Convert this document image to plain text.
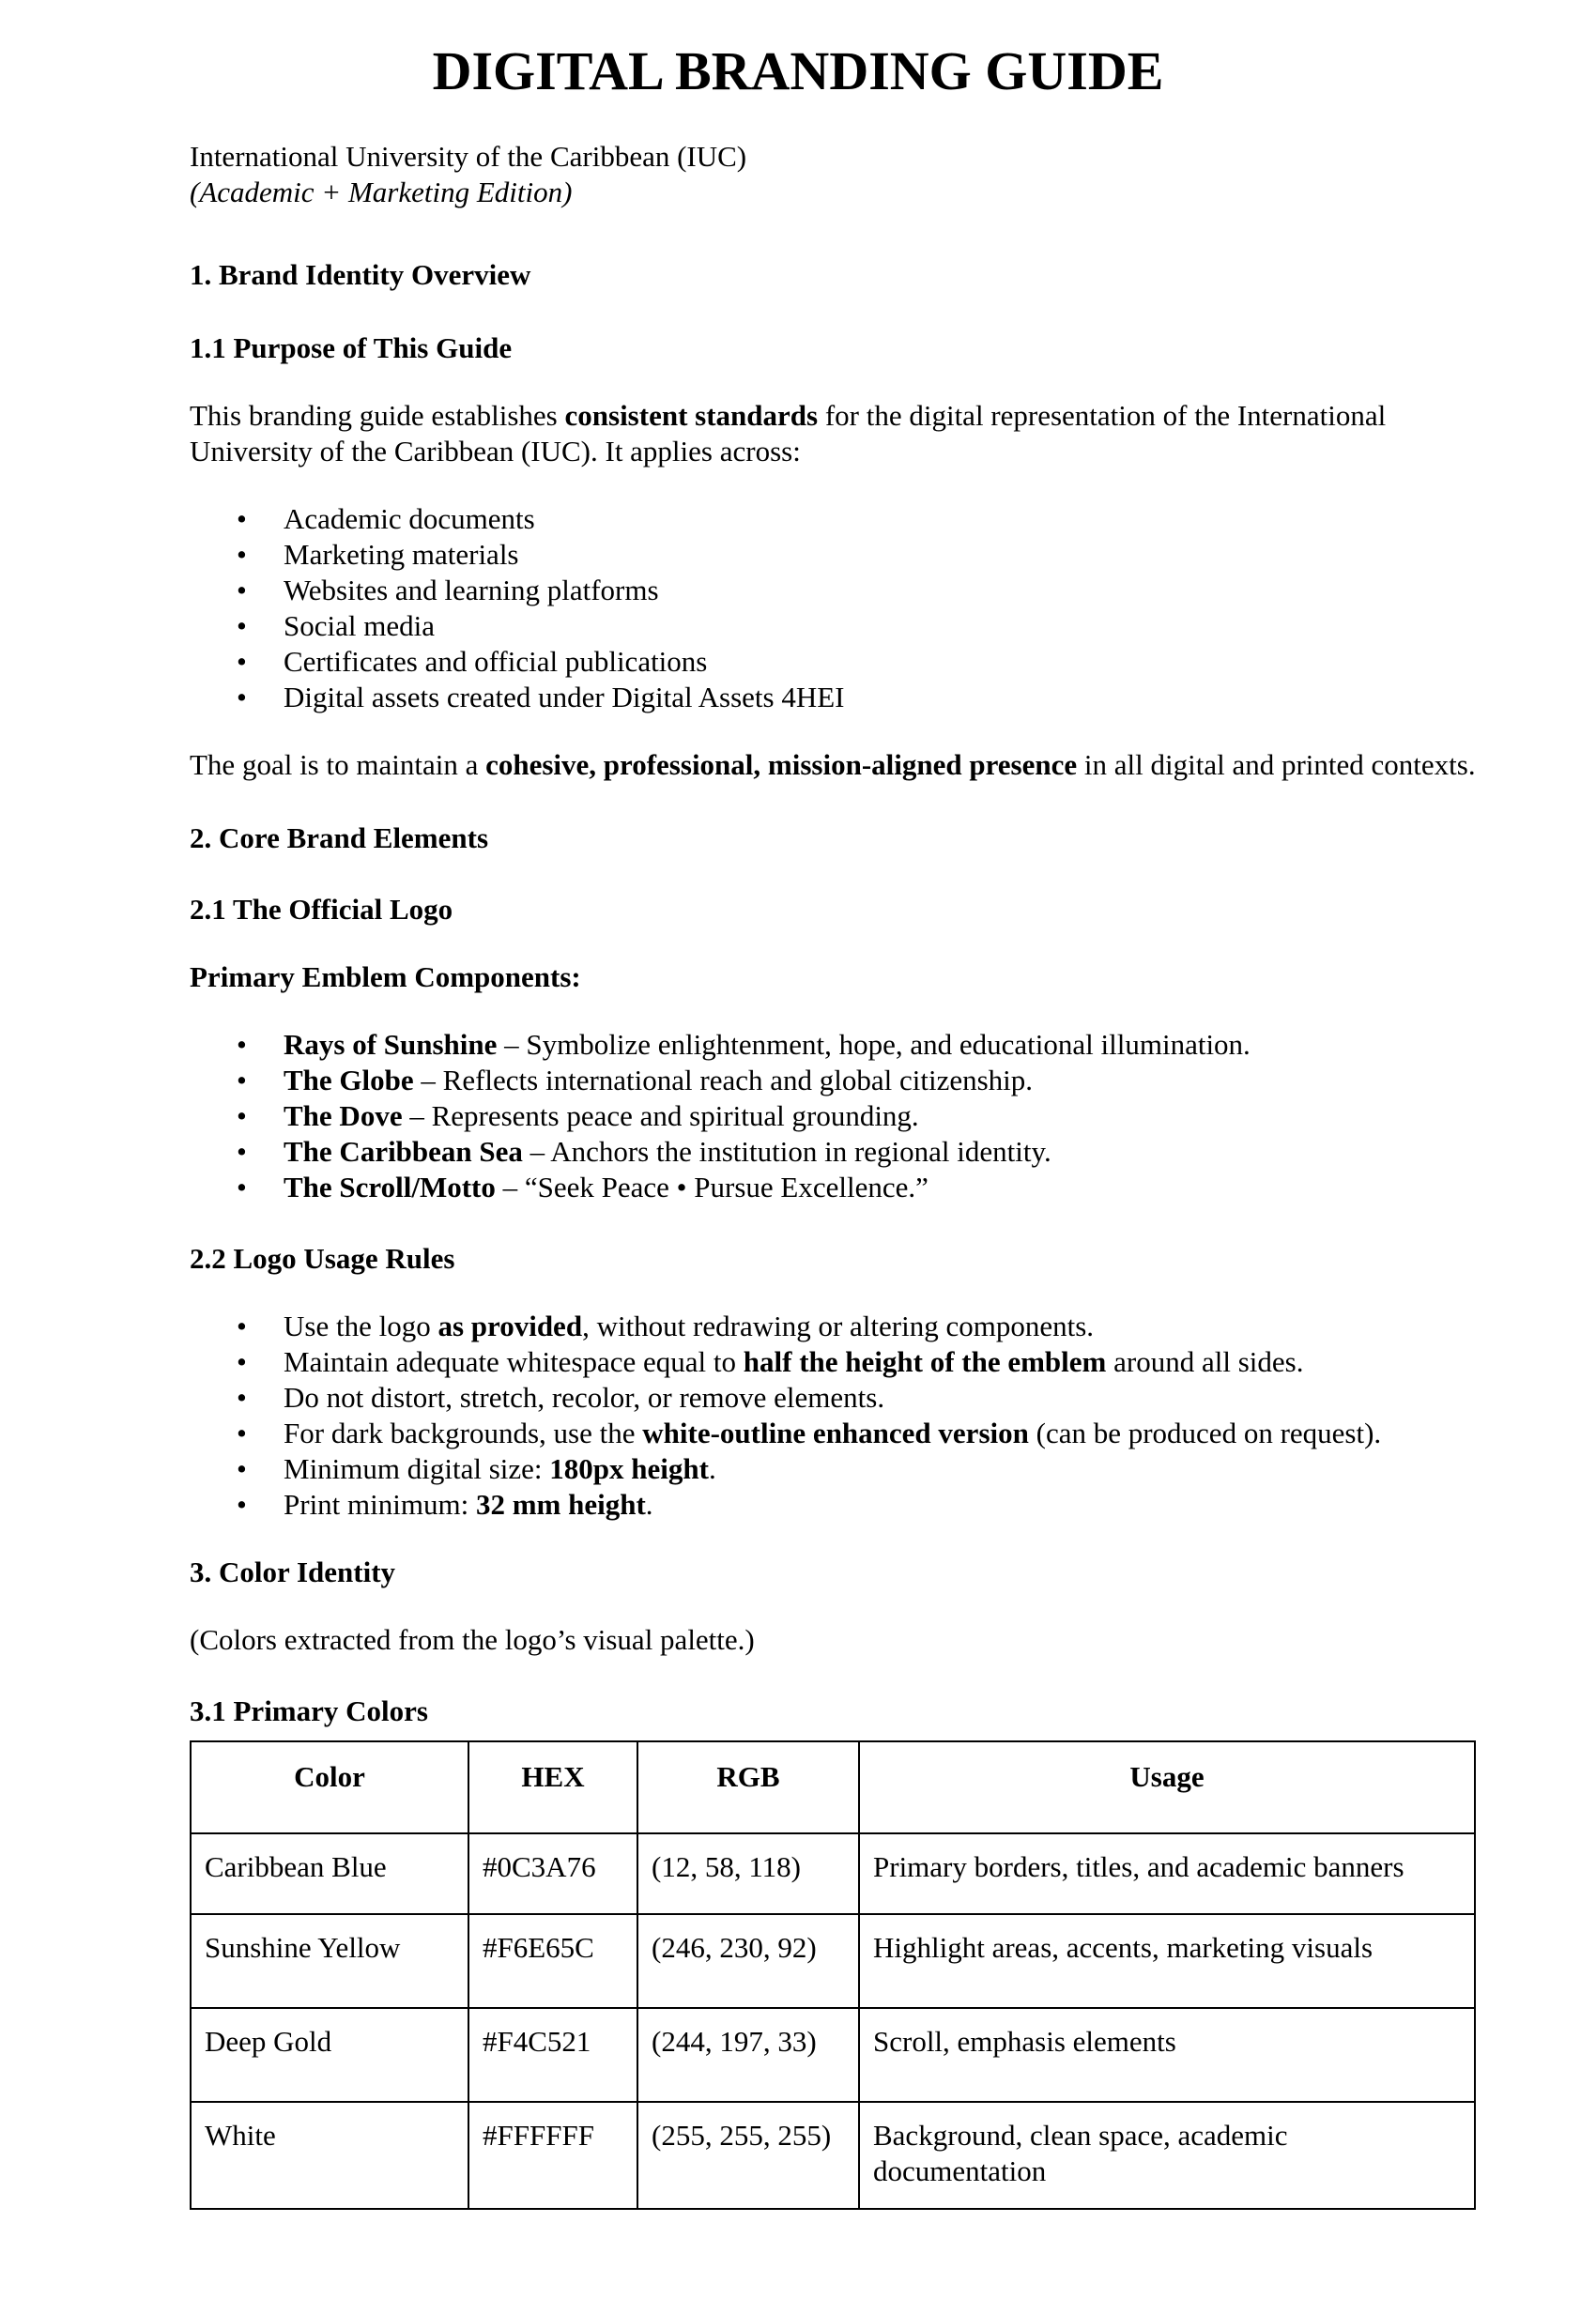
DIGITAL BRANDING GUIDE

International University of the Caribbean (IUC)

(Academic + Marketing Edition)

1. Brand Identity Overview
1.1 Purpose of This Guide

This branding guide establishes consistent standards for the digital representation of the International University of the Caribbean (IUC). It applies across:

• Academic documents
• Marketing materials
• Websites and learning platforms
• Social media
• Certificates and official publications
• Digital assets created under Digital Assets 4HEI

The goal is to maintain a cohesive, professional, mission-aligned presence in all digital and printed contexts.

2. Core Brand Elements
2.1 The Official Logo
Primary Emblem Components:
• Rays of Sunshine – Symbolize enlightenment, hope, and educational illumination.
• The Globe – Reflects international reach and global citizenship.
• The Dove – Represents peace and spiritual grounding.
• The Caribbean Sea – Anchors the institution in regional identity.
• The Scroll/Motto – “Seek Peace • Pursue Excellence.”
2.2 Logo Usage Rules
• Use the logo as provided, without redrawing or altering components.
• Maintain adequate whitespace equal to half the height of the emblem around all sides.
• Do not distort, stretch, recolor, or remove elements.
• For dark backgrounds, use the white-outline enhanced version (can be produced on request).
• Minimum digital size: 180px height.
• Print minimum: 32 mm height.
3. Color Identity

(Colors extracted from the logo’s visual palette.)

3.1 Primary Colors
Color	HEX	RGB	Usage
Caribbean Blue	#0C3A76	(12, 58, 118)	Primary borders, titles, and academic banners
Sunshine Yellow	#F6E65C	(246, 230, 92)	Highlight areas, accents, marketing visuals
Deep Gold	#F4C521	(244, 197, 33)	Scroll, emphasis elements
White	#FFFFFF	(255, 255, 255)	Background, clean space, academic documentation
